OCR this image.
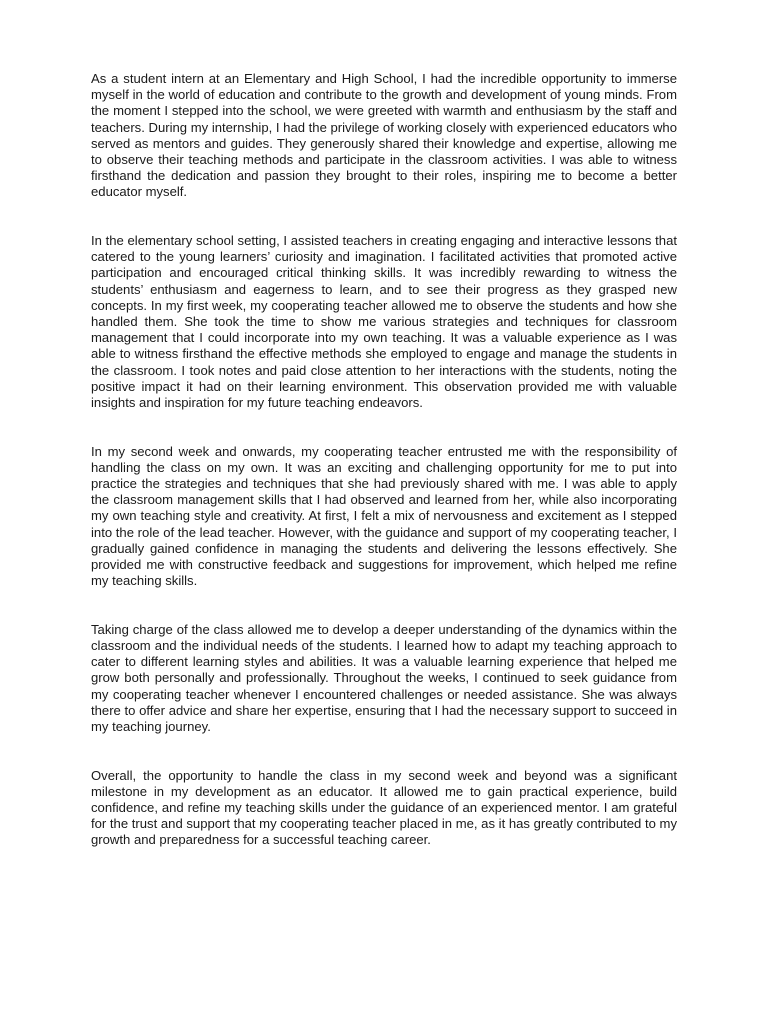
As a student intern at an Elementary and High School, I had the incredible opportunity to immerse myself in the world of education and contribute to the growth and development of young minds. From the moment I stepped into the school, we were greeted with warmth and enthusiasm by the staff and teachers. During my internship, I had the privilege of working closely with experienced educators who served as mentors and guides. They generously shared their knowledge and expertise, allowing me to observe their teaching methods and participate in the classroom activities. I was able to witness firsthand the dedication and passion they brought to their roles, inspiring me to become a better educator myself.

In the elementary school setting, I assisted teachers in creating engaging and interactive lessons that catered to the young learners’ curiosity and imagination. I facilitated activities that promoted active participation and encouraged critical thinking skills. It was incredibly rewarding to witness the students’ enthusiasm and eagerness to learn, and to see their progress as they grasped new concepts. In my first week, my cooperating teacher allowed me to observe the students and how she handled them. She took the time to show me various strategies and techniques for classroom management that I could incorporate into my own teaching. It was a valuable experience as I was able to witness firsthand the effective methods she employed to engage and manage the students in the classroom. I took notes and paid close attention to her interactions with the students, noting the positive impact it had on their learning environment. This observation provided me with valuable insights and inspiration for my future teaching endeavors.

In my second week and onwards, my cooperating teacher entrusted me with the responsibility of handling the class on my own. It was an exciting and challenging opportunity for me to put into practice the strategies and techniques that she had previously shared with me. I was able to apply the classroom management skills that I had observed and learned from her, while also incorporating my own teaching style and creativity. At first, I felt a mix of nervousness and excitement as I stepped into the role of the lead teacher. However, with the guidance and support of my cooperating teacher, I gradually gained confidence in managing the students and delivering the lessons effectively. She provided me with constructive feedback and suggestions for improvement, which helped me refine my teaching skills.

Taking charge of the class allowed me to develop a deeper understanding of the dynamics within the classroom and the individual needs of the students. I learned how to adapt my teaching approach to cater to different learning styles and abilities. It was a valuable learning experience that helped me grow both personally and professionally. Throughout the weeks, I continued to seek guidance from my cooperating teacher whenever I encountered challenges or needed assistance. She was always there to offer advice and share her expertise, ensuring that I had the necessary support to succeed in my teaching journey.

Overall, the opportunity to handle the class in my second week and beyond was a significant milestone in my development as an educator. It allowed me to gain practical experience, build confidence, and refine my teaching skills under the guidance of an experienced mentor. I am grateful for the trust and support that my cooperating teacher placed in me, as it has greatly contributed to my growth and preparedness for a successful teaching career.
